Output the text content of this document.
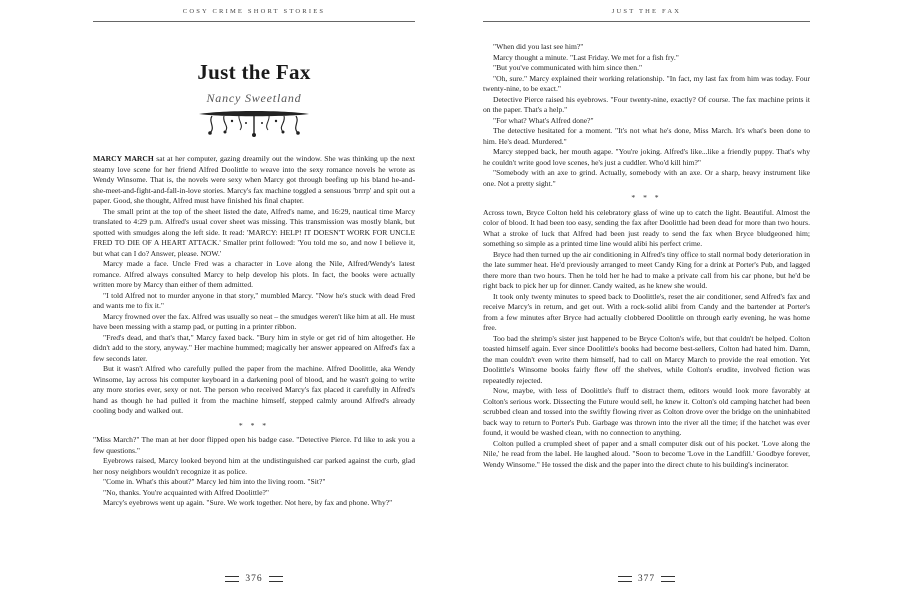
COSY CRIME SHORT STORIES
Just the Fax
Nancy Sweetland

MARCY MARCH sat at her computer, gazing dreamily out the window. She was thinking up the next steamy love scene for her friend Alfred Doolittle to weave into the sexy romance novels he wrote as Wendy Winsome. That is, the novels were sexy when Marcy got through beefing up his bland he-and-she-meet-and-fight-and-fall-in-love stories. Marcy's fax machine toggled a sensuous 'brrrp' and spit out a paper. Good, she thought, Alfred must have finished his final chapter.

The small print at the top of the sheet listed the date, Alfred's name, and 16:29, nautical time Marcy translated to 4:29 p.m. Alfred's usual cover sheet was missing. This transmission was mostly blank, but spotted with smudges along the left side. It read: 'MARCY: HELP! IT DOESN'T WORK FOR UNCLE FRED TO DIE OF A HEART ATTACK.' Smaller print followed: 'You told me so, and now I believe it, but what can I do? Answer, please. NOW.'

Marcy made a face. Uncle Fred was a character in Love along the Nile, Alfred/Wendy's latest romance. Alfred always consulted Marcy to help develop his plots. In fact, the books were actually written more by Marcy than either of them admitted.

"I told Alfred not to murder anyone in that story," mumbled Marcy. "Now he's stuck with dead Fred and wants me to fix it."

Marcy frowned over the fax. Alfred was usually so neat – the smudges weren't like him at all. He must have been messing with a stamp pad, or putting in a printer ribbon.

"Fred's dead, and that's that," Marcy faxed back. "Bury him in style or get rid of him altogether. He didn't add to the story, anyway." Her machine hummed; magically her answer appeared on Alfred's fax a few seconds later.

But it wasn't Alfred who carefully pulled the paper from the machine. Alfred Doolittle, aka Wendy Winsome, lay across his computer keyboard in a darkening pool of blood, and he wasn't going to write any more stories ever, sexy or not. The person who received Marcy's fax placed it carefully in Alfred's hand as though he had pulled it from the machine himself, stepped calmly around Alfred's already cooling body and walked out.

* * *

"Miss March?" The man at her door flipped open his badge case. "Detective Pierce. I'd like to ask you a few questions."

Eyebrows raised, Marcy looked beyond him at the undistinguished car parked against the curb, glad her nosy neighbors wouldn't recognize it as police.

"Come in. What's this about?" Marcy led him into the living room. "Sit?"

"No, thanks. You're acquainted with Alfred Doolittle?"

Marcy's eyebrows went up again. "Sure. We work together. Not here, by fax and phone. Why?"

376
JUST THE FAX

"When did you last see him?"

Marcy thought a minute. "Last Friday. We met for a fish fry."

"But you've communicated with him since then."

"Oh, sure." Marcy explained their working relationship. "In fact, my last fax from him was today. Four twenty-nine, to be exact."

Detective Pierce raised his eyebrows. "Four twenty-nine, exactly? Of course. The fax machine prints it on the paper. That's a help."

"For what? What's Alfred done?"

The detective hesitated for a moment. "It's not what he's done, Miss March. It's what's been done to him. He's dead. Murdered."

Marcy stepped back, her mouth agape. "You're joking. Alfred's like...like a friendly puppy. That's why he couldn't write good love scenes, he's just a cuddler. Who'd kill him?"

"Somebody with an axe to grind. Actually, somebody with an axe. Or a sharp, heavy instrument like one. Not a pretty sight."

* * *

Across town, Bryce Colton held his celebratory glass of wine up to catch the light. Beautiful. Almost the color of blood. It had been too easy, sending the fax after Doolittle had been dead for more than two hours. What a stroke of luck that Alfred had been just ready to send the fax when Bryce bludgeoned him; something so simple as a printed time line would alibi his perfect crime.

Bryce had then turned up the air conditioning in Alfred's tiny office to stall normal body deterioration in the late summer heat. He'd previously arranged to meet Candy King for a drink at Porter's Pub, and lagged there more than two hours. Then he told her he had to make a private call from his car phone, but he'd be right back to pick her up for dinner. Candy waited, as he knew she would.

It took only twenty minutes to speed back to Doolittle's, reset the air conditioner, send Alfred's fax and receive Marcy's in return, and get out. With a rock-solid alibi from Candy and the bartender at Porter's from a few minutes after Bryce had actually clobbered Doolittle on through early evening, he was home free.

Too bad the shrimp's sister just happened to be Bryce Colton's wife, but that couldn't be helped. Colton toasted himself again. Ever since Doolittle's books had become best-sellers, Colton had hated him. Damn, the man couldn't even write them himself, had to call on Marcy March to provide the real emotion. Yet Doolittle's Winsome books fairly flew off the shelves, while Colton's erudite, involved fiction was repeatedly rejected.

Now, maybe, with less of Doolittle's fluff to distract them, editors would look more favorably at Colton's serious work. Dissecting the Future would sell, he knew it. Colton's old camping hatchet had been scrubbed clean and tossed into the swiftly flowing river as Colton drove over the bridge on the uninhabited back way to return to Porter's Pub. Garbage was thrown into the river all the time; if the hatchet was ever found, it would be washed clean, with no connection to anything.

Colton pulled a crumpled sheet of paper and a small computer disk out of his pocket. 'Love along the Nile,' he read from the label. He laughed aloud. "Soon to become 'Love in the Landfill.' Goodbye forever, Wendy Winsome." He tossed the disk and the paper into the direct chute to his building's incinerator.

377
